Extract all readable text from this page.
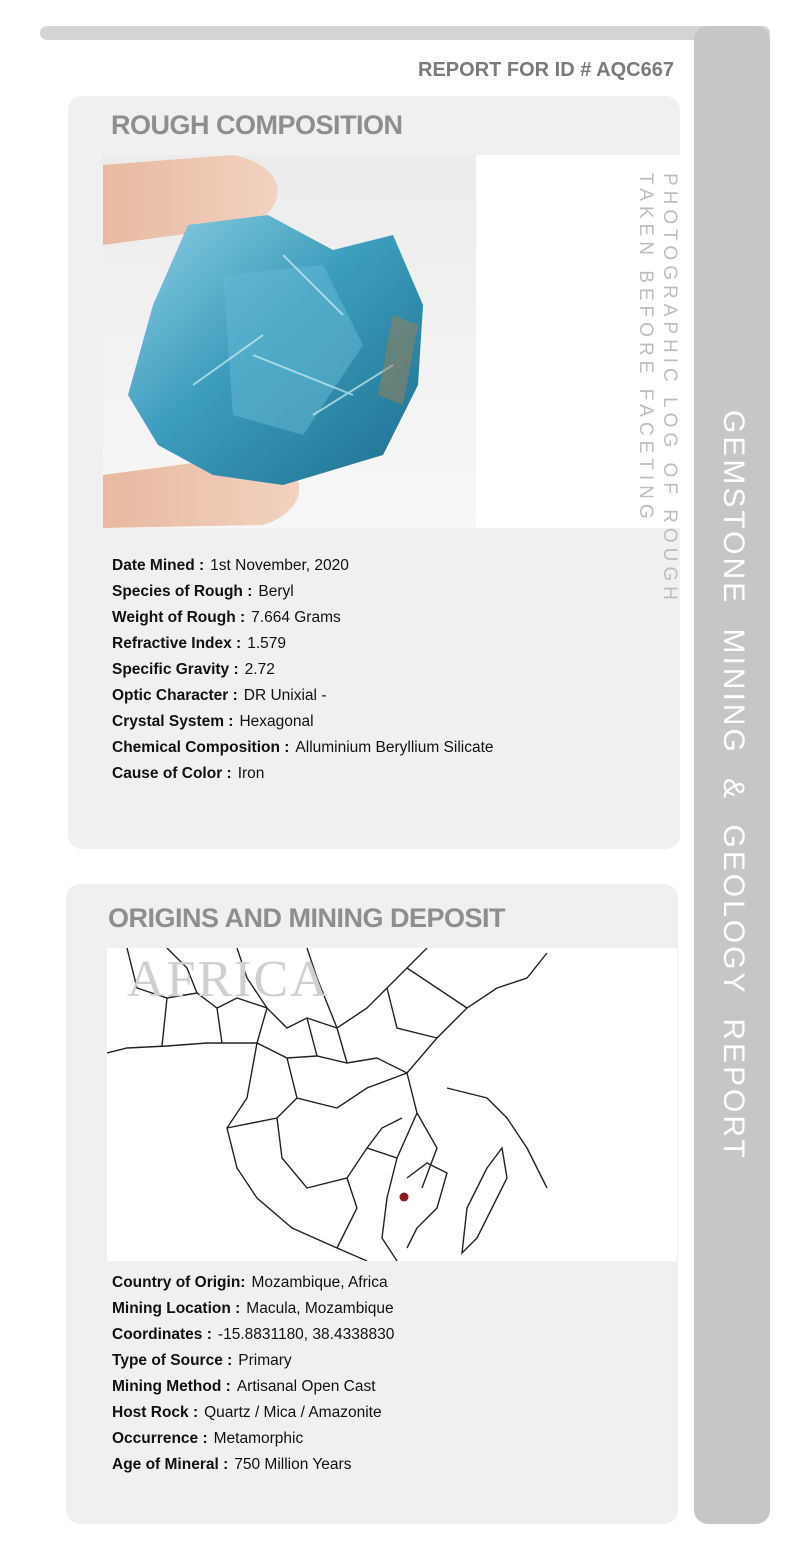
GEMSTONE MINING & GEOLOGY REPORT
REPORT FOR ID # AQC667
ROUGH COMPOSITION
PHOTOGRAPHIC LOG OF ROUGH
TAKEN BEFORE FACETING
Date Mined : 1st November, 2020
Species of Rough : Beryl
Weight of Rough : 7.664 Grams
Refractive Index : 1.579
Specific Gravity : 2.72
Optic Character : DR Unixial -
Crystal System : Hexagonal
Chemical Composition : Alluminium Beryllium Silicate
Cause of Color : Iron
ORIGINS AND MINING DEPOSIT
AFRICA
Country of Origin: Mozambique, Africa
Mining Location : Macula, Mozambique
Coordinates : -15.8831180, 38.4338830
Type of Source : Primary
Mining Method : Artisanal Open Cast
Host Rock : Quartz / Mica / Amazonite
Occurrence : Metamorphic
Age of Mineral : 750 Million Years
